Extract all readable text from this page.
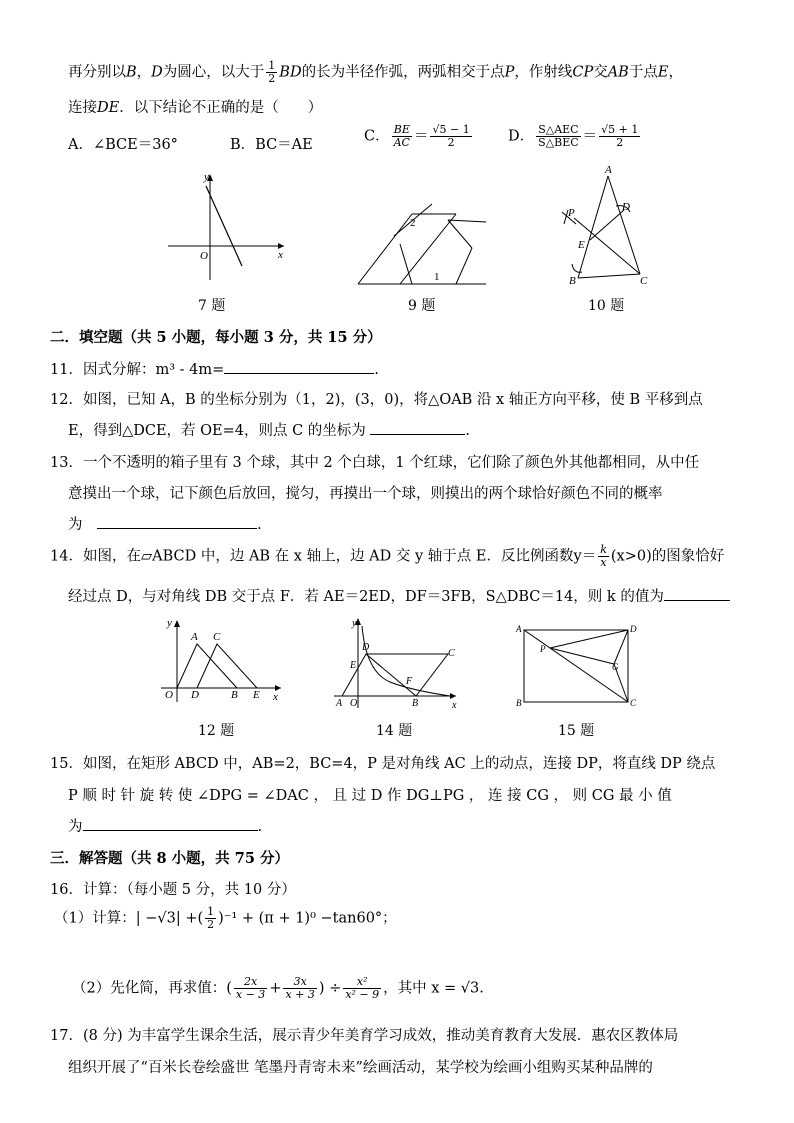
再分别以B，D为圆心，以大于 $\frac{1}{2}$ BD的长为半径作弧，两弧相交于点P，作射线CP交AB于点E，
连接DE．以下结论不正确的是（　　）
A．∠BCE＝36°	B．BC＝AE
C． $\frac{BE}{AC} = \frac{√5 - 1}{2}$	D． $\frac{\text{S△AEC}}{\text{S△BEC}} = \frac{√5 + 1}{2}$
y
x
O
7 题
2
1
9 题
A
B	C
D
E
P
10 题
二．填空题（共 5 小题，每小题 3 分，共 15 分）
11．因式分解：m³ - 4m=	.
12．如图，已知 A，B 的坐标分别为（1，2)，(3，0)，将△OAB 沿 x 轴正方向平移，使 B 平移到点
E，得到△DCE，若 OE=4，则点 C 的坐标为	.
13．一个不透明的箱子里有 3 个球，其中 2 个白球，1 个红球，它们除了颜色外其他都相同，从中任
意摸出一个球，记下颜色后放回，搅匀，再摸出一个球，则摸出的两个球恰好颜色不同的概率
为　	.
14．如图，在▱ABCD 中，边 AB 在 x 轴上，边 AD 交 y 轴于点 E．反比例函数$y= \frac{k}{x} (x>0)$的图象恰好
经过点 D，与对角线 DB 交于点 F．若 AE＝2ED，DF＝3FB，S△DBC＝14，则 k 的值为
y
x
A C
O D	B E
12 题
D
C
E
F
A O	B
y
x
14 题
A	D
P
G
B	C
15 题
15．如图，在矩形 ABCD 中，AB=2，BC=4，P 是对角线 AC 上的动点，连接 DP，将直线 DP 绕点
P 顺 时 针 旋 转 使 ∠DPG = ∠DAC ， 且 过 D 作 DG⊥PG ， 连 接 CG ， 则 CG 最 小 值
为	.
三．解答题（共 8 小题，共 75 分）
16．计算：（每小题 5 分，共 10 分）
（1）计算：| −√3| +( $\frac{1}{2} )^{-1} + (\pi + 1)^0 -\tan 60^\circ$；
（2）先化简，再求值：( $\frac{2x}{x - 3} + \frac{3x}{x + 3}$ ) ÷ $\frac{\text{x²}}{\text{x² − 9}}$ ，其中 x = √3.
17．(8 分) 为丰富学生课余生活，展示青少年美育学习成效，推动美育教育大发展．惠农区教体局
组织开展了“百米长卷绘盛世 笔墨丹青寄未来”绘画活动，某学校为绘画小组购买某种品牌的
